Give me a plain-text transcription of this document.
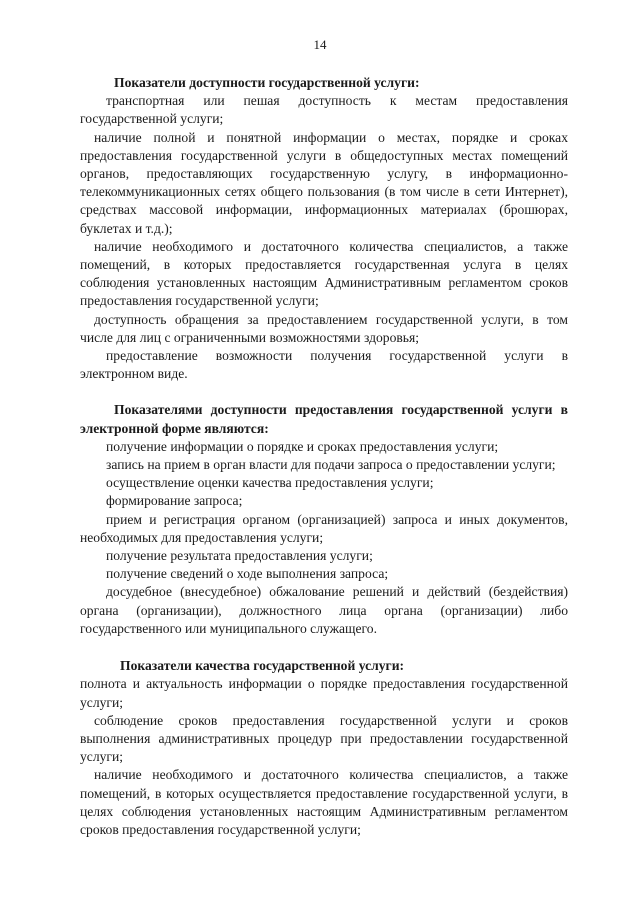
14

Показатели доступности государственной услуги:

транспортная или пешая доступность к местам предоставления государственной услуги;

наличие полной и понятной информации о местах, порядке и сроках предоставления государственной услуги в общедоступных местах помещений органов, предоставляющих государственную услугу, в информационно-телекоммуникационных сетях общего пользования (в том числе в сети Интернет), средствах массовой информации, информационных материалах (брошюрах, буклетах и т.д.);

наличие необходимого и достаточного количества специалистов, а также помещений, в которых предоставляется государственная услуга в целях соблюдения установленных настоящим Административным регламентом сроков предоставления государственной услуги;

доступность обращения за предоставлением государственной услуги, в том числе для лиц с ограниченными возможностями здоровья;

предоставление возможности получения государственной услуги в электронном виде.

Показателями доступности предоставления государственной услуги в электронной форме являются:

получение информации о порядке и сроках предоставления услуги;

запись на прием в орган власти для подачи запроса о предоставлении услуги;

осуществление оценки качества предоставления услуги;

формирование запроса;

прием и регистрация органом (организацией) запроса и иных документов, необходимых для предоставления услуги;

получение результата предоставления услуги;

получение сведений о ходе выполнения запроса;

досудебное (внесудебное) обжалование решений и действий (бездействия) органа (организации), должностного лица органа (организации) либо государственного или муниципального служащего.

Показатели качества государственной услуги:

полнота и актуальность информации о порядке предоставления государственной услуги;

соблюдение сроков предоставления государственной услуги и сроков выполнения административных процедур при предоставлении государственной услуги;

наличие необходимого и достаточного количества специалистов, а также помещений, в которых осуществляется предоставление государственной услуги, в целях соблюдения установленных настоящим Административным регламентом сроков предоставления государственной услуги;
